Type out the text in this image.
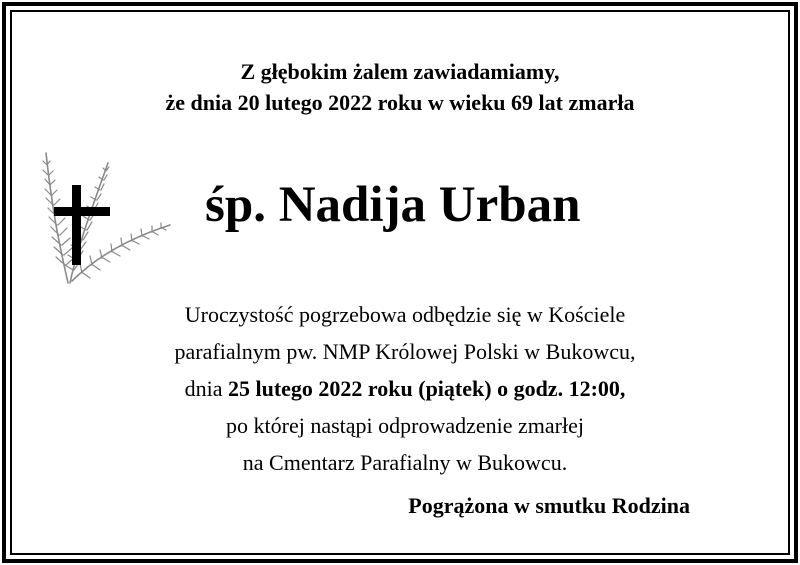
Z głębokim żalem zawiadamiamy,
że dnia 20 lutego 2022 roku w wieku 69 lat zmarła
śp. Nadija Urban
Uroczystość pogrzebowa odbędzie się w Kościele
parafialnym pw. NMP Królowej Polski w Bukowcu,
dnia 25 lutego 2022 roku (piątek) o godz. 12:00,
po której nastąpi odprowadzenie zmarłej
na Cmentarz Parafialny w Bukowcu.
Pogrążona w smutku Rodzina
